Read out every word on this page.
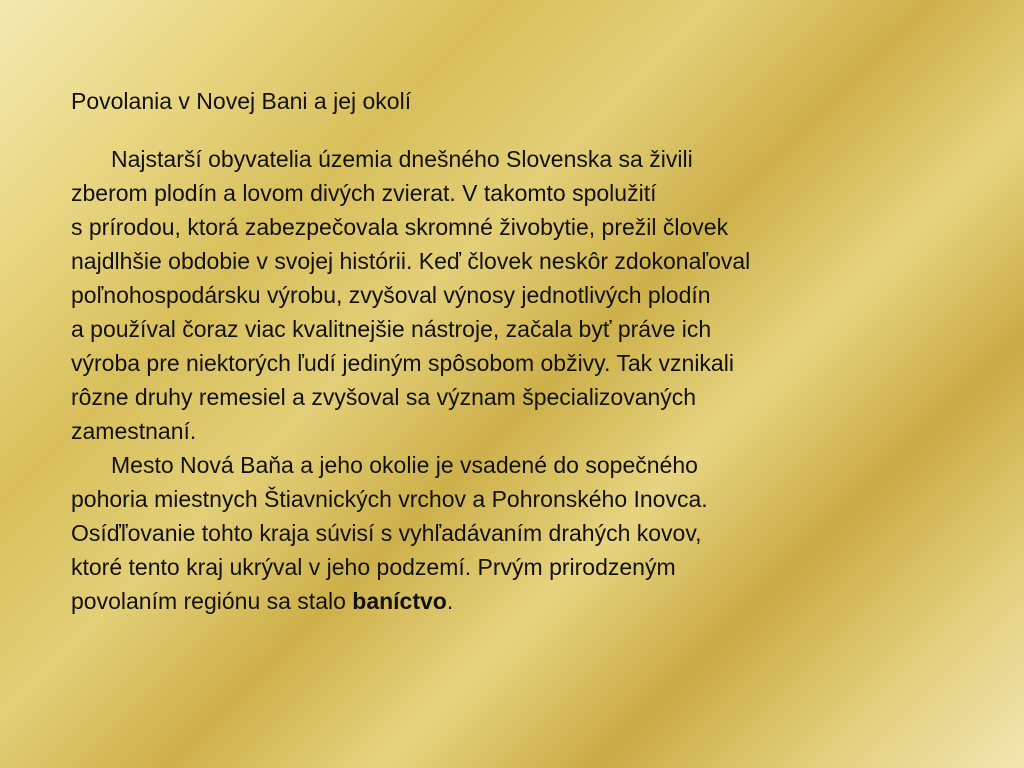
Povolania v Novej Bani a jej okolí
Najstarší obyvatelia územia dnešného Slovenska sa živili
zberom plodín a lovom divých zvierat. V takomto spolužití
s prírodou, ktorá zabezpečovala skromné živobytie, prežil človek
najdlhšie obdobie v svojej histórii. Keď človek neskôr zdokonaľoval
poľnohospodársku výrobu, zvyšoval výnosy jednotlivých plodín
a používal čoraz viac kvalitnejšie nástroje, začala byť práve ich
výroba pre niektorých ľudí jediným spôsobom obživy. Tak vznikali
rôzne druhy remesiel a zvyšoval sa význam špecializovaných
zamestnaní.
Mesto Nová Baňa a jeho okolie je vsadené do sopečného
pohoria miestnych Štiavnických vrchov a Pohronského Inovca.
Osíďľovanie tohto kraja súvisí s vyhľadávaním drahých kovov,
ktoré tento kraj ukrýval v jeho podzemí. Prvým prirodzeným
povolaním regiónu sa stalo baníctvo.
